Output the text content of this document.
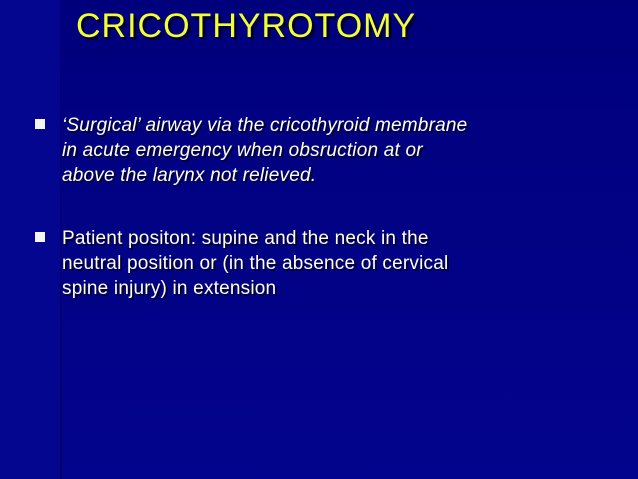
CRICOTHYROTOMY
‘Surgical’ airway via the cricothyroid membrane
in acute emergency when obsruction at or
above the larynx not relieved.
Patient positon: supine and the neck in the
neutral position or (in the absence of cervical
spine injury) in extension
